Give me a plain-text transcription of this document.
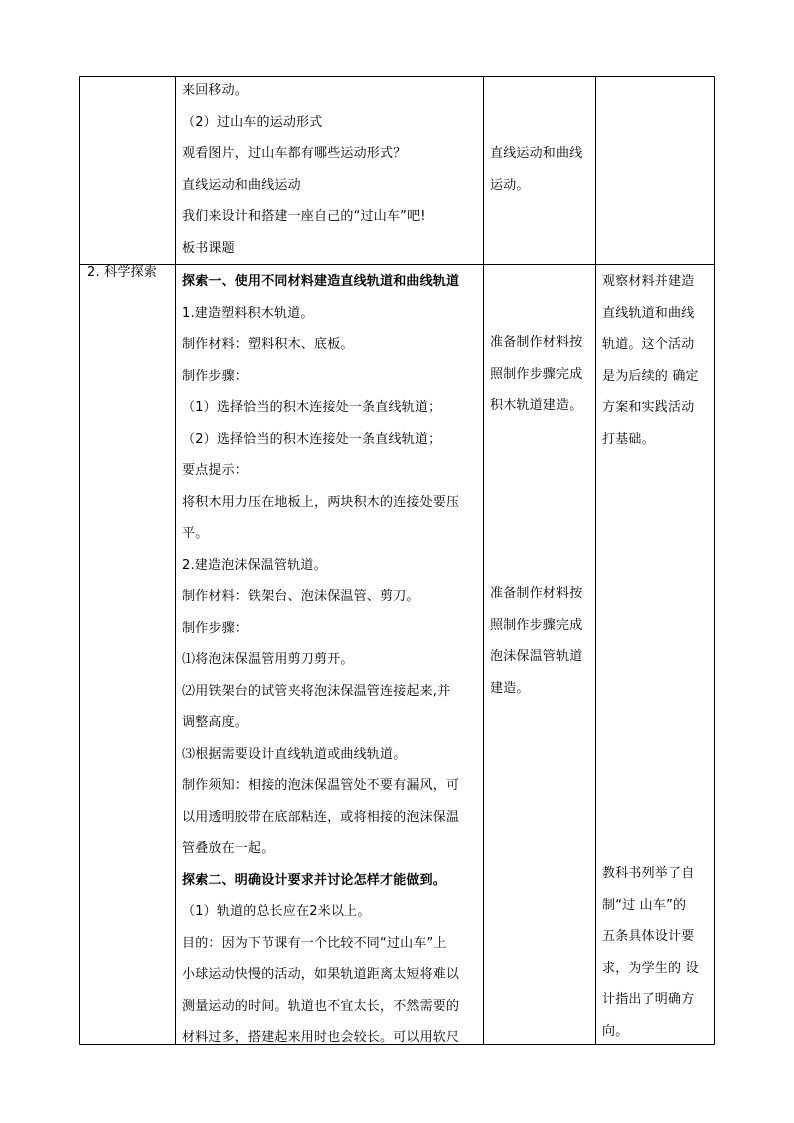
来回移动。

（2）过山车的运动形式

观看图片，过山车都有哪些运动形式？

直线运动和曲线运动

我们来设计和搭建一座自己的“过山车”吧!

板书课题

直线运动和曲线

运动。

2. 科学探索

探索一、使用不同材料建造直线轨道和曲线轨道

1.建造塑料积木轨道。

制作材料：塑料积木、底板。

制作步骤：

（1）选择恰当的积木连接处一条直线轨道；

（2）选择恰当的积木连接处一条直线轨道；

要点提示：

将积木用力压在地板上，两块积木的连接处要压

平。

2.建造泡沫保温管轨道。

制作材料：铁架台、泡沫保温管、剪刀。

制作步骤：

⑴将泡沫保温管用剪刀剪开。

⑵用铁架台的试管夹将泡沫保温管连接起来,并

调整高度。

⑶根据需要设计直线轨道或曲线轨道。

制作须知：相接的泡沫保温管处不要有漏风，可

以用透明胶带在底部粘连，或将相接的泡沫保温

管叠放在一起。

探索二、明确设计要求并讨论怎样才能做到。

（1）轨道的总长应在2米以上。

目的：因为下节课有一个比较不同“过山车”上

小球运动快慢的活动，如果轨道距离太短将难以

测量运动的时间。轨道也不宜太长，不然需要的

材料过多，搭建起来用时也会较长。可以用软尺

准备制作材料按

照制作步骤完成

积木轨道建造。

准备制作材料按

照制作步骤完成

泡沫保温管轨道

建造。

观察材料并建造

直线轨道和曲线

轨道。这个活动

是为后续的 确定

方案和实践活动

打基础。

教科书列举了自

制“过 山车”的

五条具体设计要

求，为学生的 设

计指出了明确方

向。
